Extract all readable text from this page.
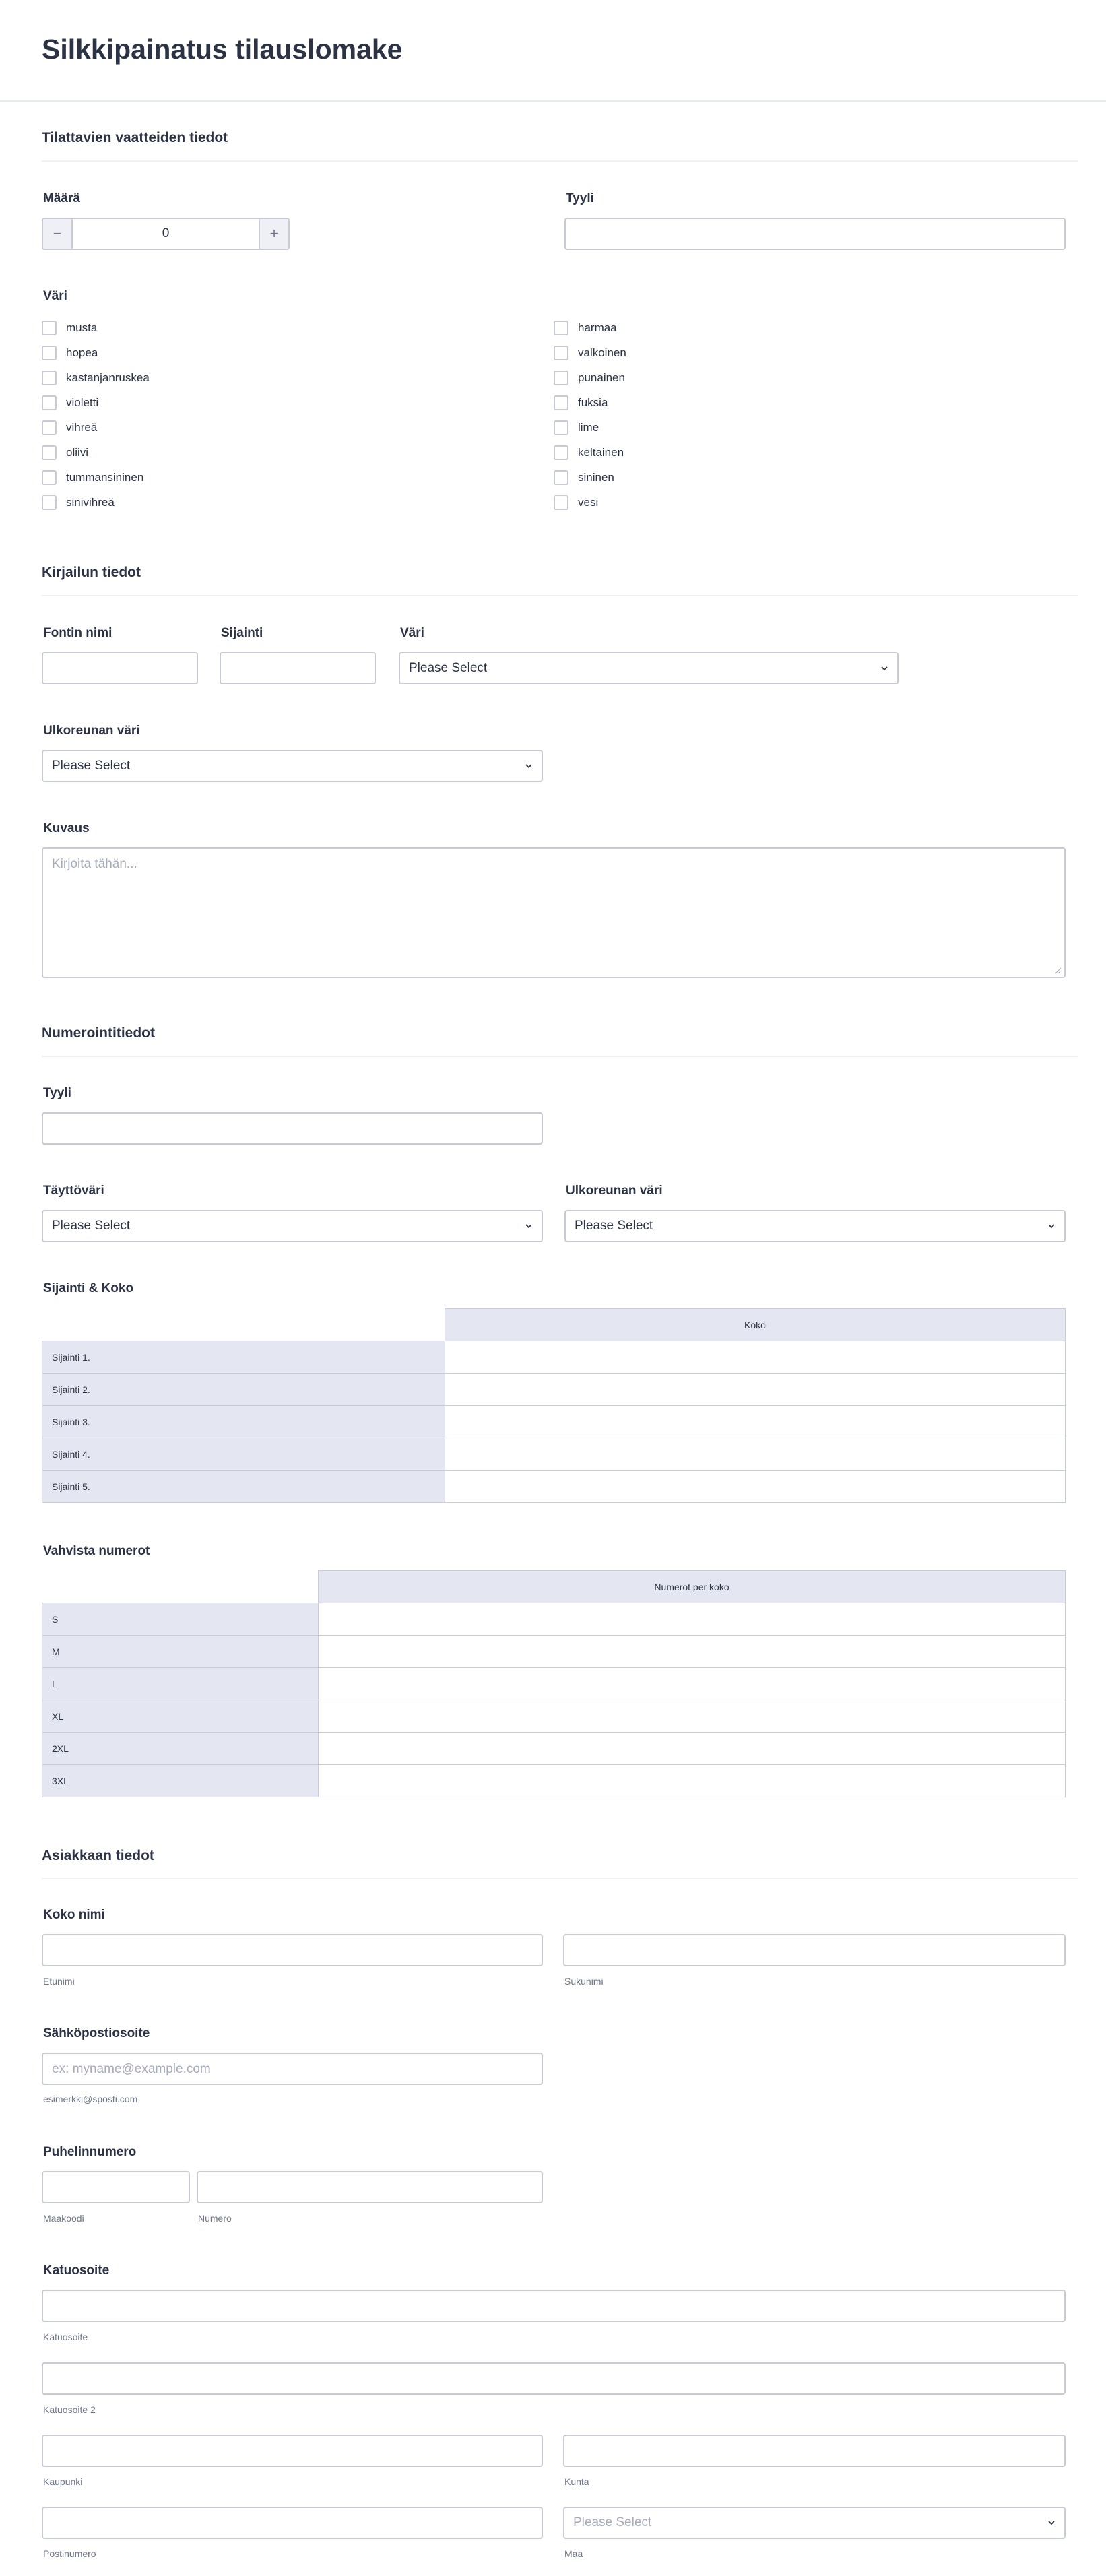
Silkkipainatus tilauslomake
Tilattavien vaatteiden tiedot
Määrä
−	0	+
Tyyli
Väri
musta
hopea
kastanjanruskea
violetti
vihreä
oliivi
tummansininen
sinivihreä
harmaa
valkoinen
punainen
fuksia
lime
keltainen
sininen
vesi
Kirjailun tiedot
Fontin nimi	Sijainti	Väri
Please Select
Ulkoreunan väri
Please Select
Kuvaus
Kirjoita tähän...
Numerointitiedot
Tyyli
Täyttöväri
Please Select
Ulkoreunan väri
Please Select
Sijainti & Koko
	Koko
Sijainti 1.	
Sijainti 2.	
Sijainti 3.	
Sijainti 4.	
Sijainti 5.	
Vahvista numerot
	Numerot per koko
S	
M	
L	
XL	
2XL	
3XL	
Asiakkaan tiedot
Koko nimi
Etunimi	Sukunimi
Sähköpostiosoite
ex: myname@example.com
esimerkki@sposti.com
Puhelinnumero
Maakoodi	Numero
Katuosoite
Katuosoite
Katuosoite 2
Kaupunki	Kunta
Postinumero
Please Select
Maa
